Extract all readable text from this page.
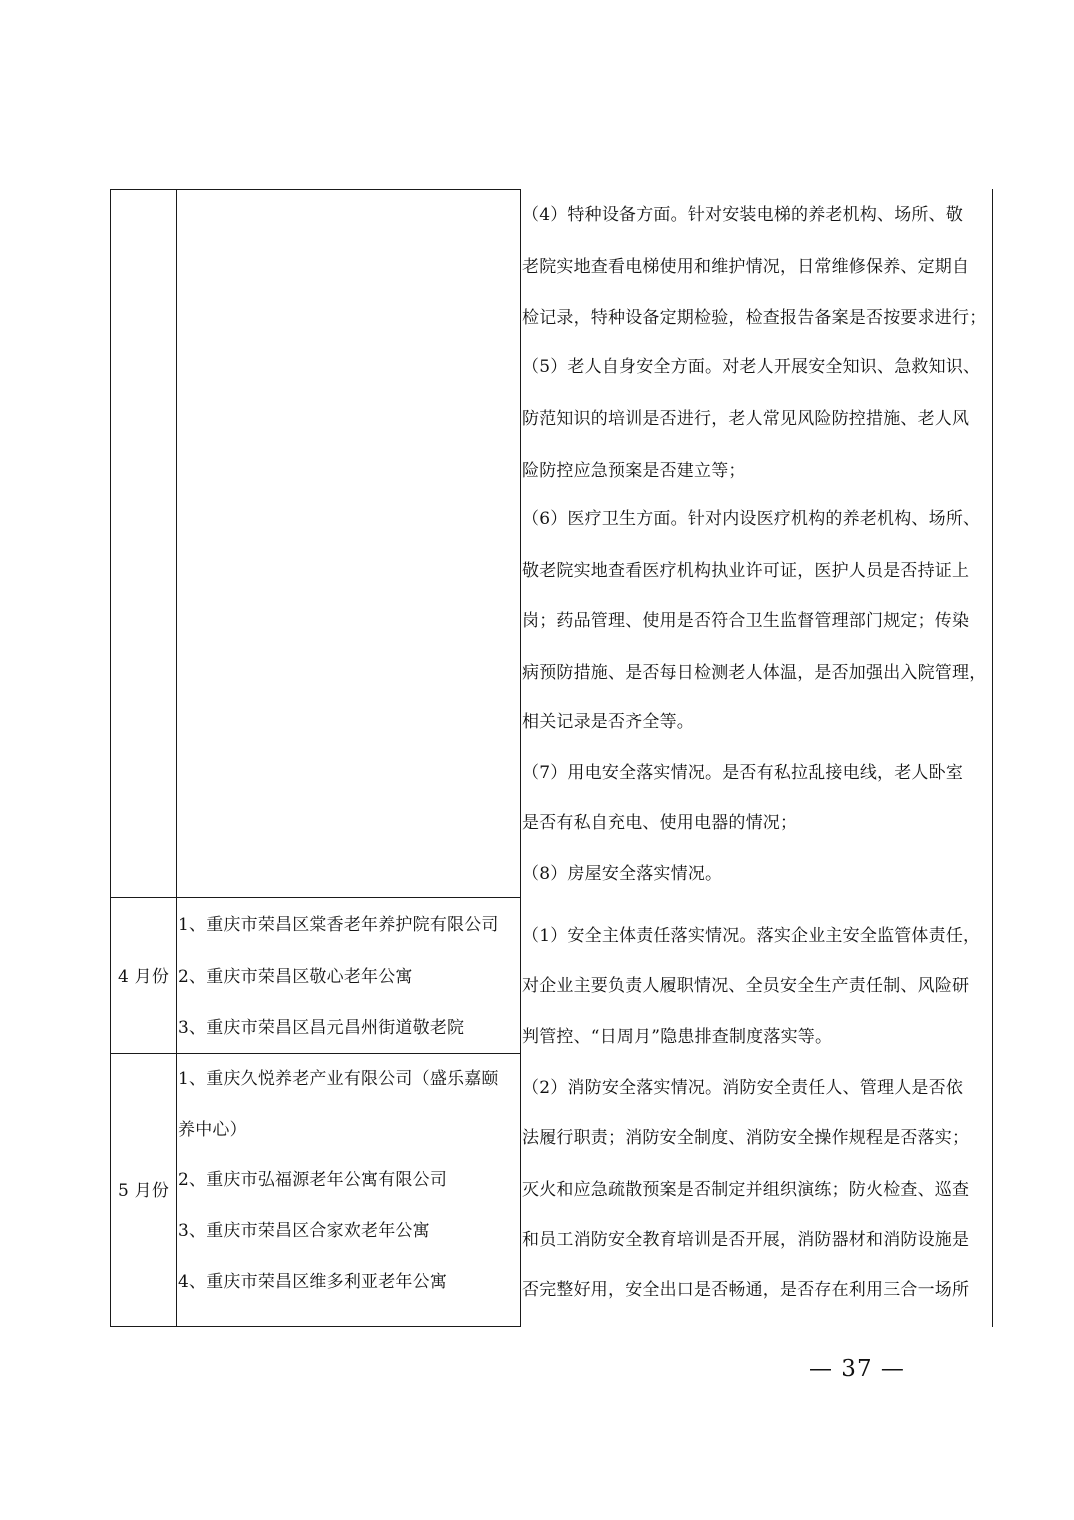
（4）特种设备方面。针对安装电梯的养老机构、场所、敬
老院实地查看电梯使用和维护情况，日常维修保养、定期自
检记录，特种设备定期检验，检查报告备案是否按要求进行；
（5）老人自身安全方面。对老人开展安全知识、急救知识、
防范知识的培训是否进行，老人常见风险防控措施、老人风
险防控应急预案是否建立等；
（6）医疗卫生方面。针对内设医疗机构的养老机构、场所、
敬老院实地查看医疗机构执业许可证，医护人员是否持证上
岗；药品管理、使用是否符合卫生监督管理部门规定；传染
病预防措施、是否每日检测老人体温，是否加强出入院管理，
相关记录是否齐全等。
（7）用电安全落实情况。是否有私拉乱接电线，老人卧室
是否有私自充电、使用电器的情况；
（8）房屋安全落实情况。
4 月份
1、重庆市荣昌区棠香老年养护院有限公司
2、重庆市荣昌区敬心老年公寓
3、重庆市荣昌区昌元昌州街道敬老院
（1）安全主体责任落实情况。落实企业主安全监管体责任，
对企业主要负责人履职情况、全员安全生产责任制、风险研
判管控、“日周月”隐患排查制度落实等。
5 月份
1、重庆久悦养老产业有限公司（盛乐嘉颐
养中心）
2、重庆市弘福源老年公寓有限公司
3、重庆市荣昌区合家欢老年公寓
4、重庆市荣昌区维多利亚老年公寓
（2）消防安全落实情况。消防安全责任人、管理人是否依
法履行职责；消防安全制度、消防安全操作规程是否落实；
灭火和应急疏散预案是否制定并组织演练；防火检查、巡查
和员工消防安全教育培训是否开展，消防器材和消防设施是
否完整好用，安全出口是否畅通，是否存在利用三合一场所
— 37 —
